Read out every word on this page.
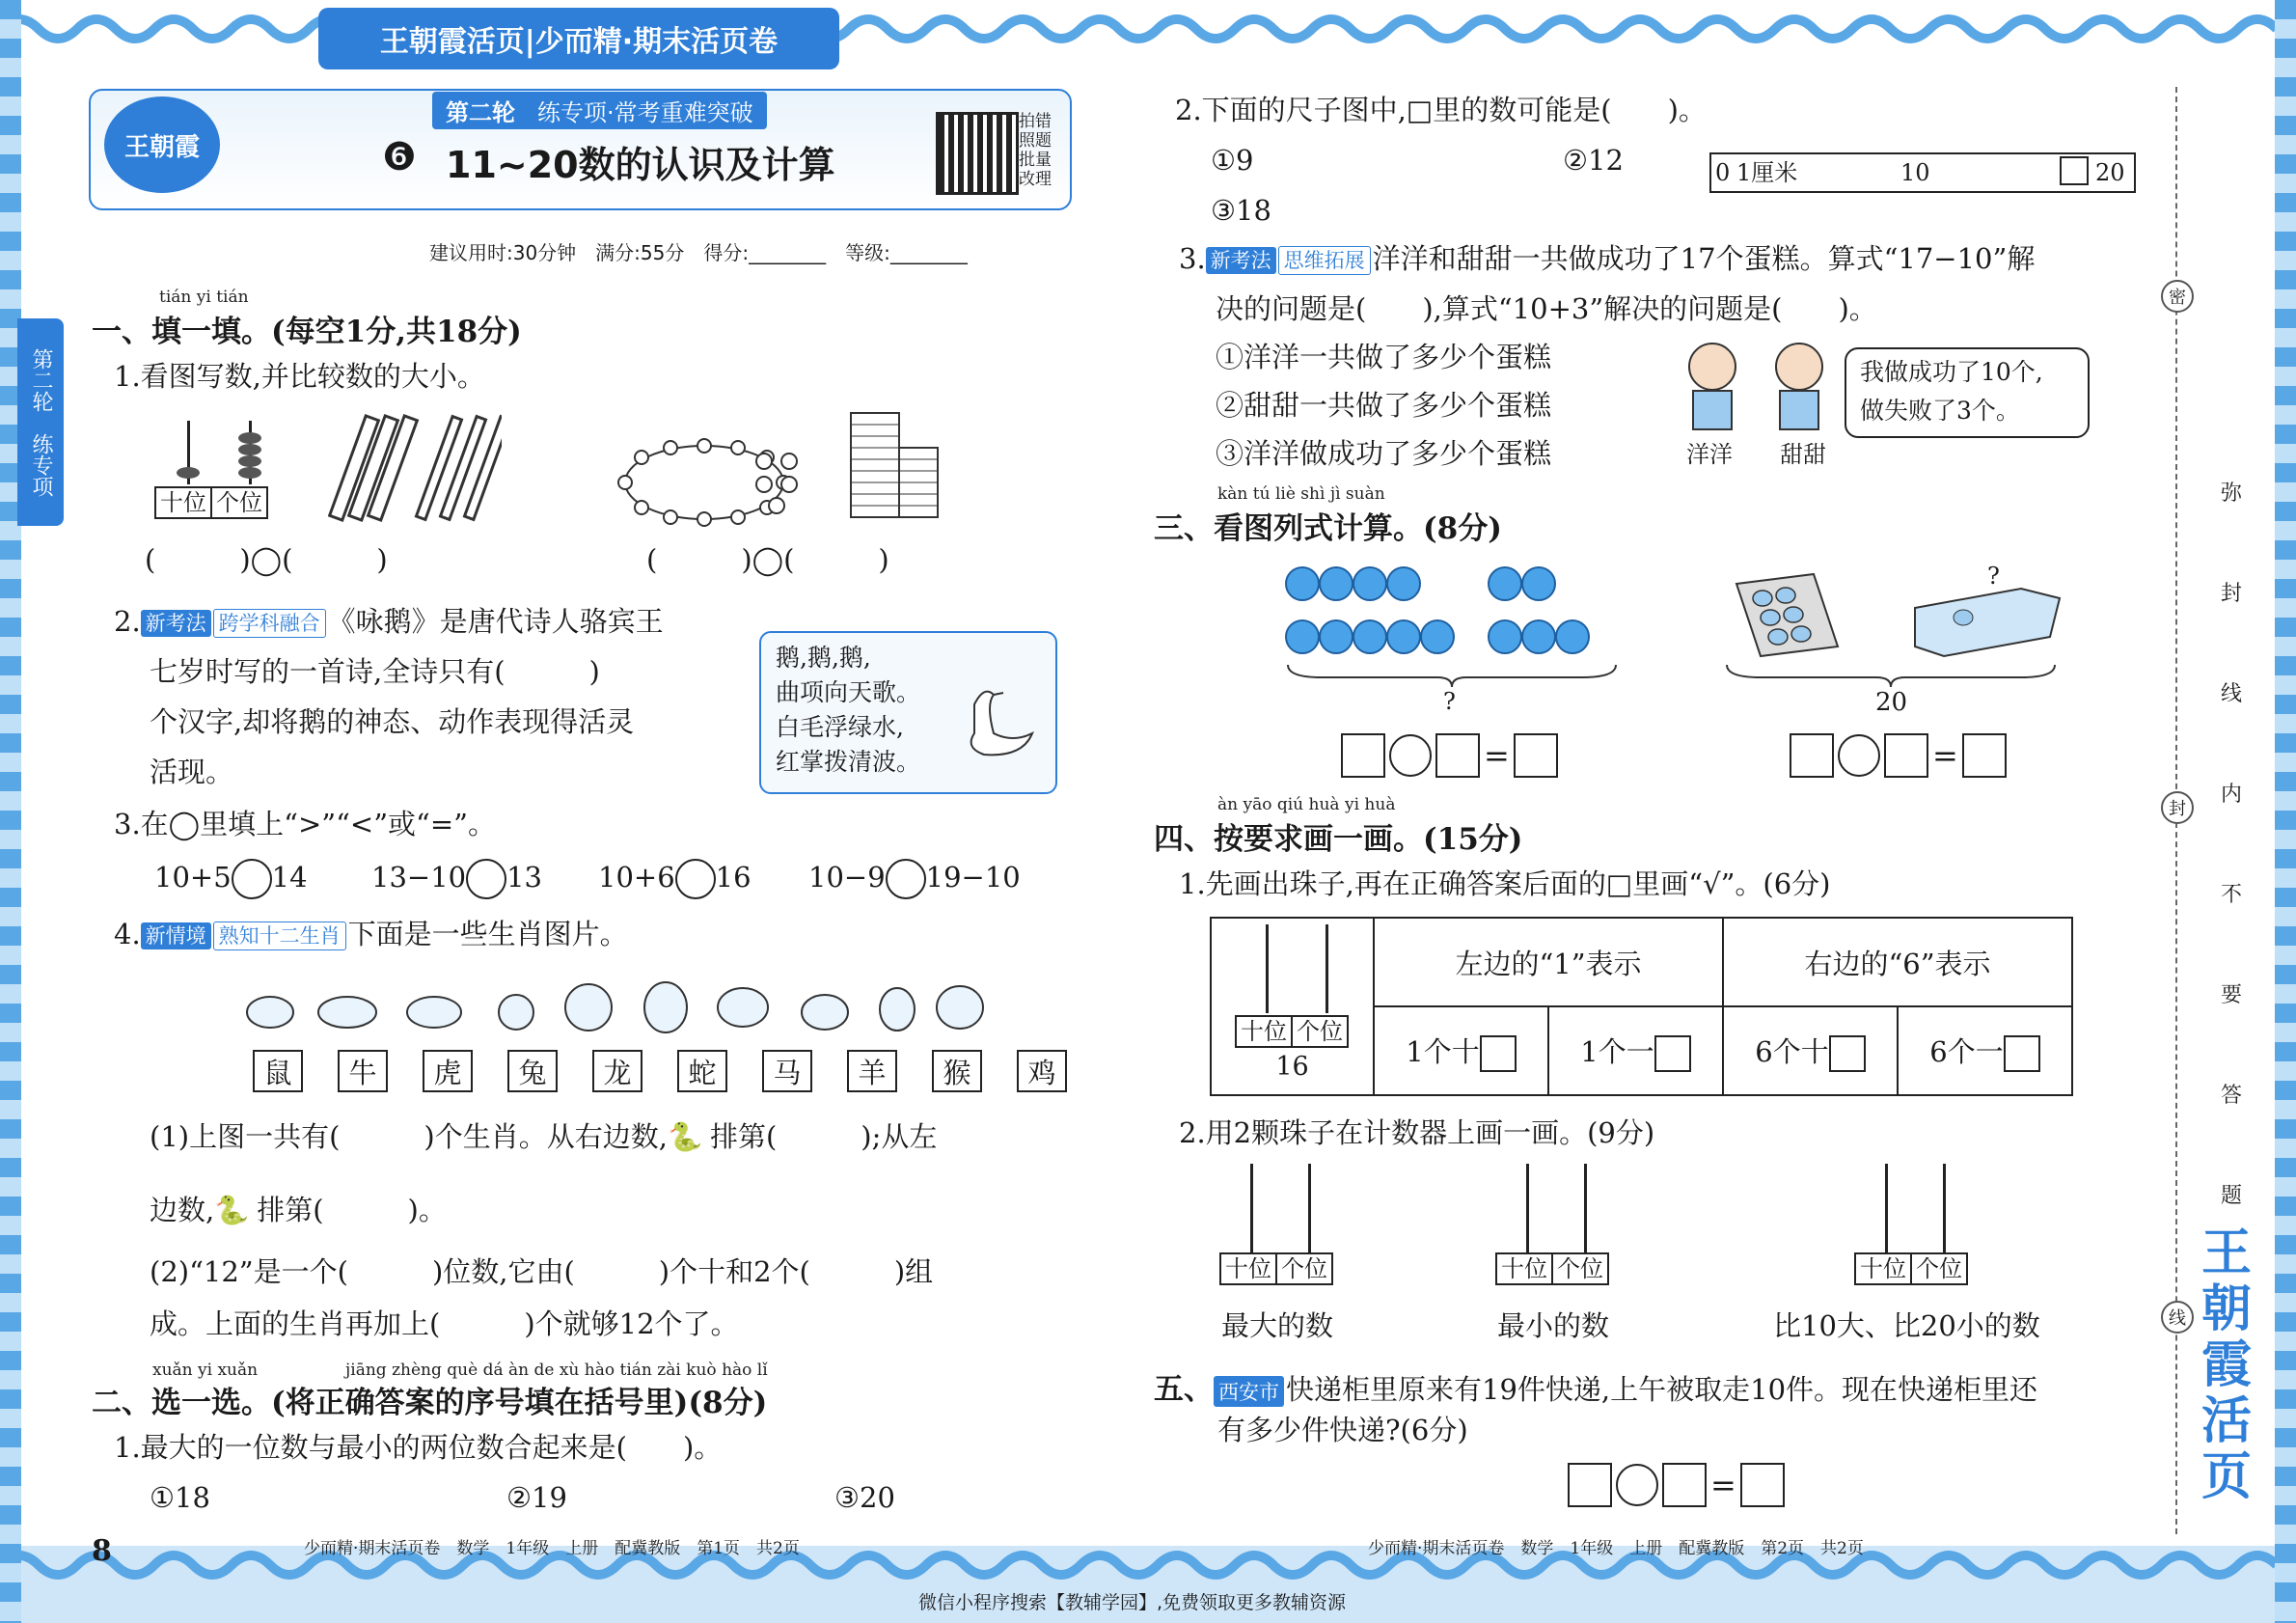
王朝霞活页|少而精·期末活页卷
王朝霞
第二轮 练专项·常考重难突破
❻ 11~20数的认识及计算
拍错照题批量改理
建议用时:30分钟　满分:55分　得分:________　等级:________
第二轮　练专项
tián yi tián
一、填一填。(每空1分,共18分)
1.看图写数,并比较数的大小。
十位 个位
(　　　)◯(　　　)	(　　　)◯(　　　)
2. 新考法 跨学科融合 《咏鹅》是唐代诗人骆宾王
七岁时写的一首诗,全诗只有(　　　)
个汉字,却将鹅的神态、动作表现得活灵
活现。
鹅,鹅,鹅,
曲项向天歌。
白毛浮绿水,
红掌拨清波。
3.在◯里填上“>”“<”或“=”。
10+5 14 13−10 13 10+6 16 10−9 19−10
4. 新情境 熟知十二生肖 下面是一些生肖图片。
鼠	牛	虎	兔	龙	蛇	马	羊	猴	鸡
(1)上图一共有(　　　)个生肖。从右边数,🐍 排第(　　　);从左
边数,🐍 排第(　　　)。
(2)“12”是一个(　　　)位数,它由(　　　)个十和2个(　　　)组
成。上面的生肖再加上(　　　)个就够12个了。
xuǎn yi xuǎn	jiāng zhèng què dá àn de xù hào tián zài kuò hào lǐ
二、选一选。(将正确答案的序号填在括号里)(8分)
1.最大的一位数与最小的两位数合起来是(　　)。
①18	②19	③20
8	少而精·期末活页卷　数学　1年级　上册　配冀教版　第1页　共2页
2.下面的尺子图中,□里的数可能是(　　)。
①9	②12
③18
0 1厘米	10	20
3. 新考法 思维拓展 洋洋和甜甜一共做成功了17个蛋糕。算式“17−10”解
决的问题是(　　),算式“10+3”解决的问题是(　　)。
①洋洋一共做了多少个蛋糕
②甜甜一共做了多少个蛋糕
③洋洋做成功了多少个蛋糕	洋洋 甜甜
我做成功了10个,
做失败了3个。
kàn tú liè shì jì suàn
三、看图列式计算。(8分)
?
=
?
20
=
àn yāo qiú huà yi huà
四、按要求画一画。(15分)
1.先画出珠子,再在正确答案后面的□里画“√”。(6分)
十位 个位
16	左边的“1”表示		右边的“6”表示	
	1个十	1个一	6个十	6个一
2.用2颗珠子在计数器上画一画。(9分)
十位 个位
最大的数
十位 个位
最小的数
十位 个位
比10大、比20小的数
五、 西安市 快递柜里原来有19件快递,上午被取走10件。现在快递柜里还
有多少件快递?(6分)
=
少而精·期末活页卷　数学　1年级　上册　配冀教版　第2页　共2页
微信小程序搜索【教辅学园】,免费领取更多教辅资源
密
封
线
弥
封
线
内
不
要
答
题
王朝霞活页
